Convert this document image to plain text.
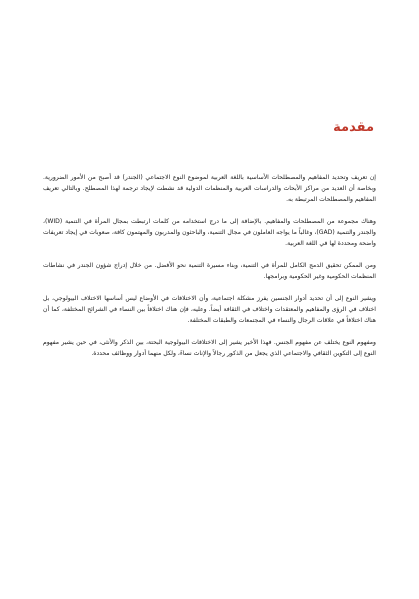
مقدمة

إن تعريف وتحديد المفاهيم والمصطلحات الأساسية باللغة العربية لموضوع النوع الاجتماعي (الجندر) قد أصبح من الأمور الضرورية. وبخاصة أن العديد من مراكز الأبحاث والدراسات العربية والمنظمات الدولية قد نشطت لإيجاد ترجمة لهذا المصطلح. وبالتالي تعريف المفاهيم والمصطلحات المرتبطة به.

وهناك مجموعة من المصطلحات والمفاهيم. بالإضافة إلى ما درج استخدامه من كلمات ارتبطت بمجال المرأة في التنمية (WID)، والجندر والتنمية (GAD)، وغالباً ما يواجه العاملون في مجال التنمية، والباحثون والمدربون والمهتمون كافة، صعوبات في إيجاد تعريفات واضحة ومحددة لها في اللغة العربية.

ومن الممكن تحقيق الدمج الكامل للمرأة في التنمية، وبناء مسيرة التنمية نحو الأفضل. من خلال إدراج شؤون الجندر في نشاطات المنظمات الحكومية وغير الحكومية وبرامجها.

ويشير النوع إلى أن تحديد أدوار الجنسين يفرز مشكلة اجتماعية، وأن الاختلافات في الأوضاع ليس أساسها الاختلاف البيولوجي، بل اختلاف في الرؤى والمفاهيم والمعتقدات واختلاف في الثقافة أيضاً. وعليه، فإن هناك اختلافاً بين النساء في الشرائح المختلفة، كما أن هناك اختلافاً في علاقات الرجال والنساء في المجتمعات والطبقات المختلفة.

ومفهوم النوع يختلف عن مفهوم الجنس. فهذا الأخير يشير إلى الاختلافات البيولوجية البحتة، بين الذكر والأنثى، في حين يشير مفهوم النوع إلى التكوين الثقافي والاجتماعي الذي يجعل من الذكور رجالاً والإناث نساءً، ولكل منهما أدوار ووظائف محددة.
